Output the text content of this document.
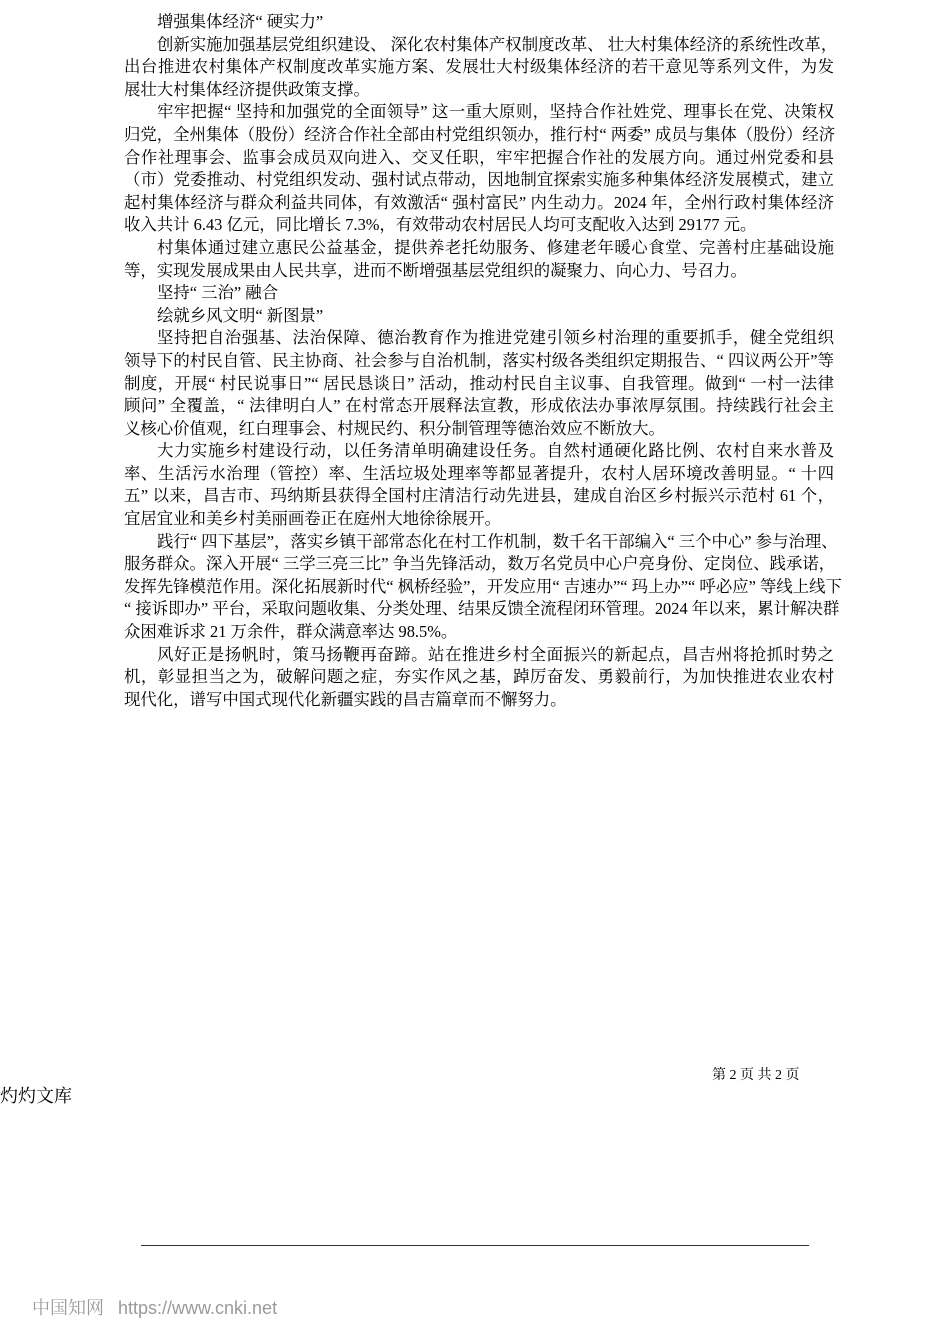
增强集体经济“ 硬实力”
创新实施加强基层党组织建设、 深化农村集体产权制度改革、 壮大村集体经济的系统性改革，
出台推进农村集体产权制度改革实施方案、发展壮大村级集体经济的若干意见等系列文件，为发
展壮大村集体经济提供政策支撑。
牢牢把握“ 坚持和加强党的全面领导” 这一重大原则，坚持合作社姓党、理事长在党、决策权
归党，全州集体（股份）经济合作社全部由村党组织领办，推行村“ 两委” 成员与集体（股份）经济
合作社理事会、监事会成员双向进入、交叉任职，牢牢把握合作社的发展方向。通过州党委和县
（市）党委推动、村党组织发动、强村试点带动，因地制宜探索实施多种集体经济发展模式，建立
起村集体经济与群众利益共同体，有效激活“ 强村富民” 内生动力。2024 年，全州行政村集体经济
收入共计 6.43 亿元，同比增长 7.3%，有效带动农村居民人均可支配收入达到 29177 元。
村集体通过建立惠民公益基金，提供养老托幼服务、修建老年暖心食堂、完善村庄基础设施
等，实现发展成果由人民共享，进而不断增强基层党组织的凝聚力、向心力、号召力。
坚持“ 三治” 融合
绘就乡风文明“ 新图景”
坚持把自治强基、法治保障、德治教育作为推进党建引领乡村治理的重要抓手，健全党组织
领导下的村民自管、民主协商、社会参与自治机制，落实村级各类组织定期报告、“ 四议两公开”等
制度，开展“ 村民说事日”“ 居民恳谈日” 活动，推动村民自主议事、自我管理。做到“ 一村一法律
顾问” 全覆盖，“ 法律明白人” 在村常态开展释法宣教，形成依法办事浓厚氛围。持续践行社会主
义核心价值观，红白理事会、村规民约、积分制管理等德治效应不断放大。
大力实施乡村建设行动，以任务清单明确建设任务。自然村通硬化路比例、农村自来水普及
率、生活污水治理（管控）率、生活垃圾处理率等都显著提升，农村人居环境改善明显。“ 十四
五” 以来，昌吉市、玛纳斯县获得全国村庄清洁行动先进县，建成自治区乡村振兴示范村 61 个，
宜居宜业和美乡村美丽画卷正在庭州大地徐徐展开。
践行“ 四下基层”，落实乡镇干部常态化在村工作机制，数千名干部编入“ 三个中心” 参与治理、
服务群众。深入开展“ 三学三亮三比” 争当先锋活动，数万名党员中心户亮身份、定岗位、践承诺，
发挥先锋模范作用。深化拓展新时代“ 枫桥经验”，开发应用“ 吉速办”“ 玛上办”“ 呼必应” 等线上线下
“ 接诉即办” 平台，采取问题收集、分类处理、结果反馈全流程闭环管理。2024 年以来，累计解决群
众困难诉求 21 万余件，群众满意率达 98.5%。
风好正是扬帆时，策马扬鞭再奋蹄。站在推进乡村全面振兴的新起点，昌吉州将抢抓时势之
机，彰显担当之为，破解问题之症，夯实作风之基，踔厉奋发、勇毅前行，为加快推进农业农村
现代化，谱写中国式现代化新疆实践的昌吉篇章而不懈努力。
第 2 页 共 2 页
灼灼文库
中国知网 https://www.cnki.net
